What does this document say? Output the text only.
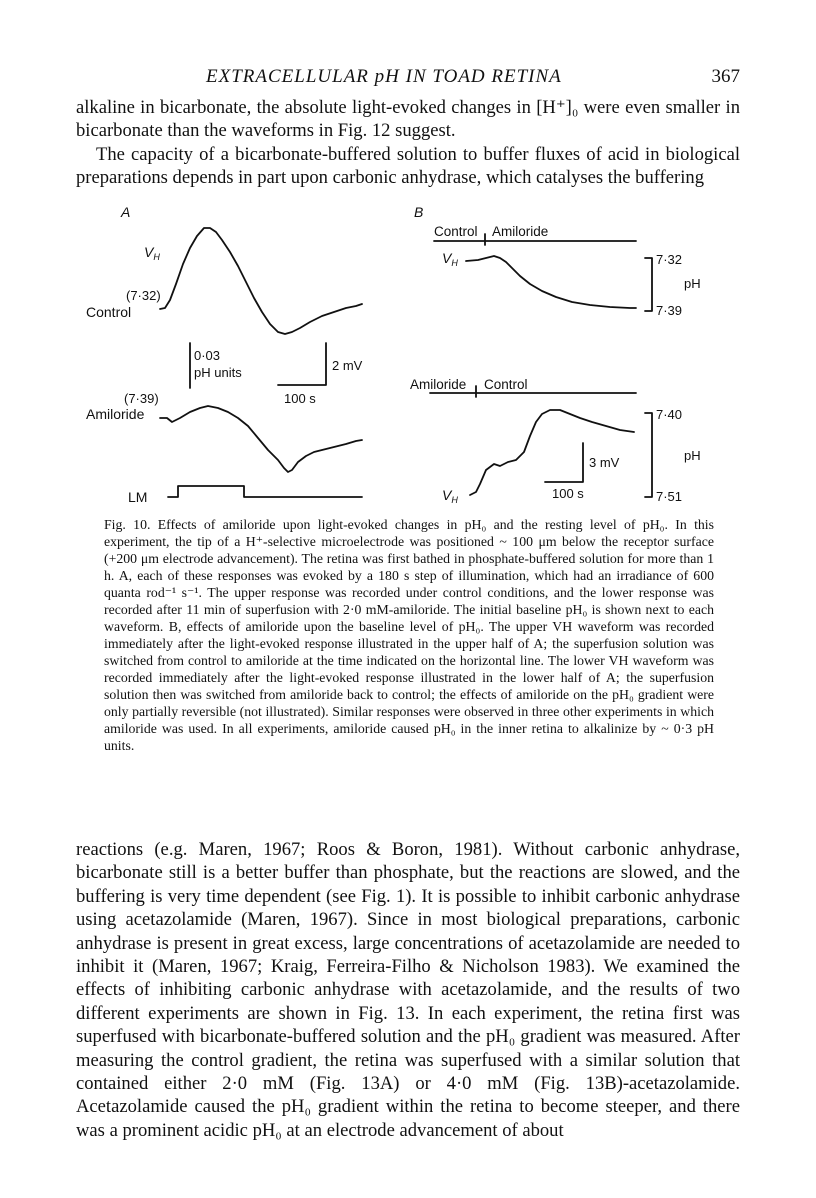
EXTRACELLULAR pH IN TOAD RETINA	367

alkaline in bicarbonate, the absolute light-evoked changes in [H⁺]₀ were even smaller in bicarbonate than the waveforms in Fig. 12 suggest.

The capacity of a bicarbonate-buffered solution to buffer fluxes of acid in biological preparations depends in part upon carbonic anhydrase, which catalyses the buffering

A
$V_H$
(7·32)
Control
0·03
pH units	2 mV
100 s
(7·39)
Amiloride
LM
B
Control Amiloride
$V_H$	7·32
pH
7·39
Amiloride Control
7·40
pH
7·51
3 mV
100 s
$V_H$

Fig. 10. Effects of amiloride upon light-evoked changes in pH₀ and the resting level of pH₀. In this experiment, the tip of a H⁺-selective microelectrode was positioned ~ 100 μm below the receptor surface (+200 μm electrode advancement). The retina was first bathed in phosphate-buffered solution for more than 1 h. A, each of these responses was evoked by a 180 s step of illumination, which had an irradiance of 600 quanta rod⁻¹ s⁻¹. The upper response was recorded under control conditions, and the lower response was recorded after 11 min of superfusion with 2·0 mM-amiloride. The initial baseline pH₀ is shown next to each waveform. B, effects of amiloride upon the baseline level of pH₀. The upper VH waveform was recorded immediately after the light-evoked response illustrated in the upper half of A; the superfusion solution was switched from control to amiloride at the time indicated on the horizontal line. The lower VH waveform was recorded immediately after the light-evoked response illustrated in the lower half of A; the superfusion solution then was switched from amiloride back to control; the effects of amiloride on the pH₀ gradient were only partially reversible (not illustrated). Similar responses were observed in three other experiments in which amiloride was used. In all experiments, amiloride caused pH₀ in the inner retina to alkalinize by ~ 0·3 pH units.

reactions (e.g. Maren, 1967; Roos & Boron, 1981). Without carbonic anhydrase, bicarbonate still is a better buffer than phosphate, but the reactions are slowed, and the buffering is very time dependent (see Fig. 1). It is possible to inhibit carbonic anhydrase using acetazolamide (Maren, 1967). Since in most biological preparations, carbonic anhydrase is present in great excess, large concentrations of acetazolamide are needed to inhibit it (Maren, 1967; Kraig, Ferreira-Filho & Nicholson 1983). We examined the effects of inhibiting carbonic anhydrase with acetazolamide, and the results of two different experiments are shown in Fig. 13. In each experiment, the retina first was superfused with bicarbonate-buffered solution and the pH₀ gradient was measured. After measuring the control gradient, the retina was superfused with a similar solution that contained either 2·0 mM (Fig. 13A) or 4·0 mM (Fig. 13B)-acetazolamide. Acetazolamide caused the pH₀ gradient within the retina to become steeper, and there was a prominent acidic pH₀ at an electrode advancement of about
